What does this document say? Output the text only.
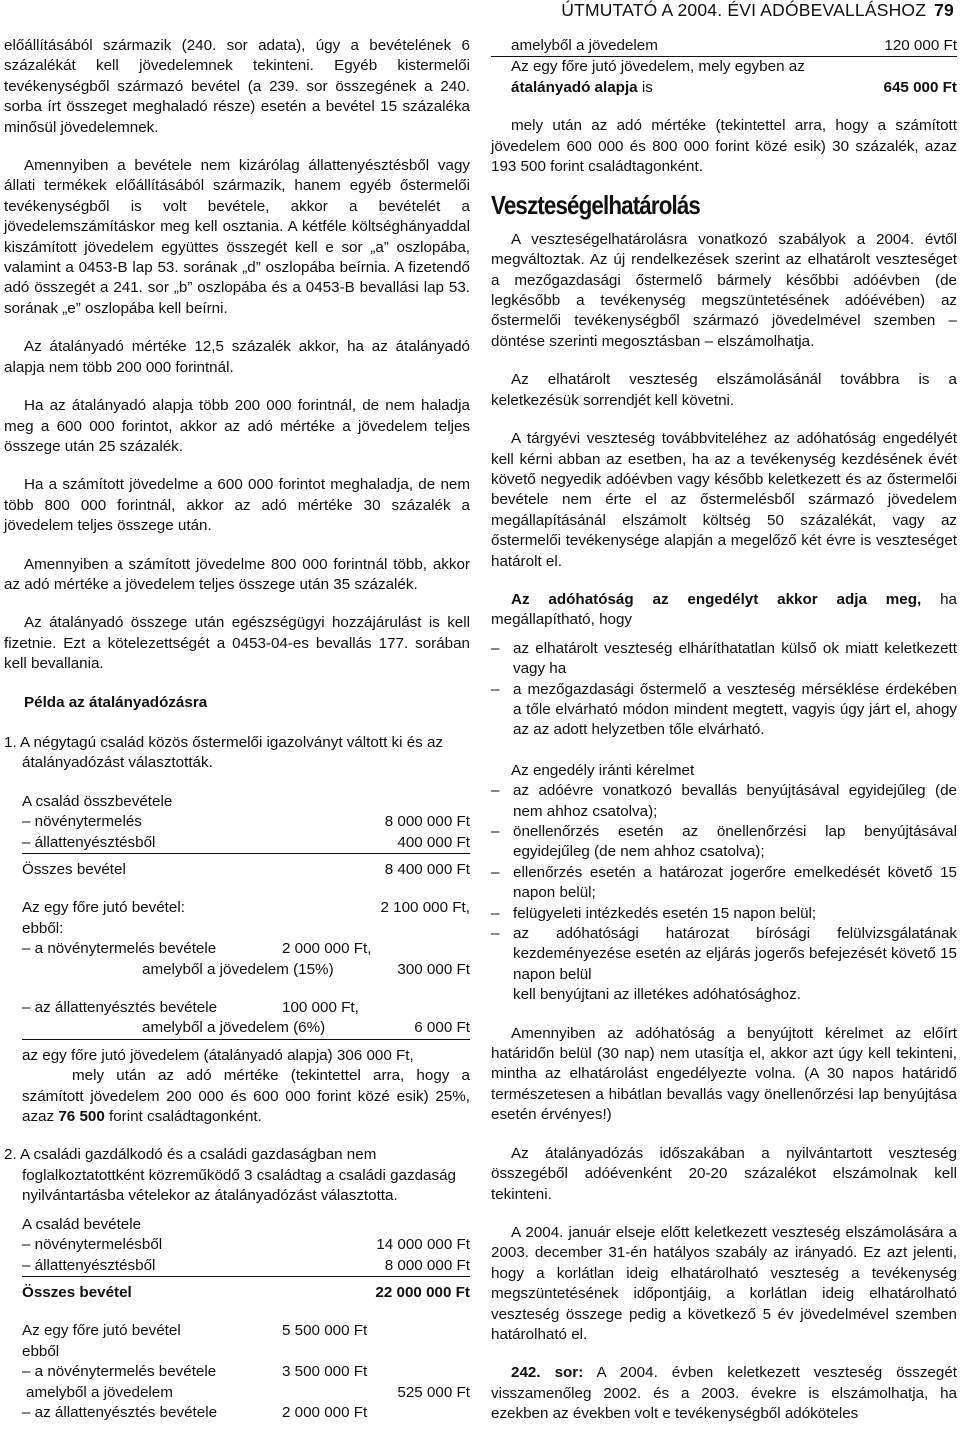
ÚTMUTATÓ A 2004. ÉVI ADÓBEVALLÁSHOZ 79

előállításából származik (240. sor adata), úgy a bevételének 6 százalékát kell jövedelemnek tekinteni. Egyéb kistermelői tevékenységből származó bevétel (a 239. sor összegének a 240. sorba írt összeget meghaladó része) esetén a bevétel 15 százaléka minősül jövedelemnek.

Amennyiben a bevétele nem kizárólag állattenyésztésből vagy állati termékek előállításából származik, hanem egyéb őstermelői tevékenységből is volt bevétele, akkor a bevételét a jövedelemszámításkor meg kell osztania. A kétféle költséghányaddal kiszámított jövedelem együttes összegét kell e sor „a” oszlopába, valamint a 0453-B lap 53. sorának „d” oszlopába beírnia. A fizetendő adó összegét a 241. sor „b” oszlopába és a 0453-B bevallási lap 53. sorának „e” oszlopába kell beírni.

Az átalányadó mértéke 12,5 százalék akkor, ha az átalányadó alapja nem több 200 000 forintnál.

Ha az átalányadó alapja több 200 000 forintnál, de nem haladja meg a 600 000 forintot, akkor az adó mértéke a jövedelem teljes összege után 25 százalék.

Ha a számított jövedelme a 600 000 forintot meghaladja, de nem több 800 000 forintnál, akkor az adó mértéke 30 százalék a jövedelem teljes összege után.

Amennyiben a számított jövedelme 800 000 forintnál több, akkor az adó mértéke a jövedelem teljes összege után 35 százalék.

Az átalányadó összege után egészségügyi hozzájárulást is kell fizetnie. Ezt a kötelezettségét a 0453-04-es bevallás 177. sorában kell bevallania.

Példa az átalányadózásra

1. A négytagú család közös őstermelői igazolványt váltott ki és az átalányadózást választották.

A család összbevétele
– növénytermelés	8 000 000 Ft
– állattenyésztésből	400 000 Ft
Összes bevétel	8 400 000 Ft
Az egy főre jutó bevétel:	2 100 000 Ft,
ebből:
– a növénytermelés bevétele	2 000 000 Ft,
amelyből a jövedelem (15%)	300 000 Ft
– az állattenyésztés bevétele	100 000 Ft,
amelyből a jövedelem (6%)	6 000 Ft
az egy főre jutó jövedelem (átalányadó alapja) 306 000 Ft,
mely után az adó mértéke (tekintettel arra, hogy a számított jövedelem 200 000 és 600 000 forint közé esik) 25%, azaz 76 500 forint családtagonként.

2. A családi gazdálkodó és a családi gazdaságban nem foglalkoztatottként közreműködő 3 családtag a családi gazdaság nyilvántartásba vételekor az átalányadózást választotta.

A család bevétele
– növénytermelésből	14 000 000 Ft
– állattenyésztésből	8 000 000 Ft
Összes bevétel	22 000 000 Ft
Az egy főre jutó bevétel	5 500 000 Ft
ebből
– a növénytermelés bevétele	3 500 000 Ft
amelyből a jövedelem	525 000 Ft
– az állattenyésztés bevétele	2 000 000 Ft
amelyből a jövedelem	120 000 Ft
Az egy főre jutó jövedelem, mely egyben az
átalányadó alapja is	645 000 Ft

mely után az adó mértéke (tekintettel arra, hogy a számított jövedelem 600 000 és 800 000 forint közé esik) 30 százalék, azaz 193 500 forint családtagonként.

Veszteségelhatárolás

A veszteségelhatárolásra vonatkozó szabályok a 2004. évtől megváltoztak. Az új rendelkezések szerint az elhatárolt veszteséget a mezőgazdasági őstermelő bármely későbbi adóévben (de legkésőbb a tevékenység megszüntetésének adóévében) az őstermelői tevékenységből származó jövedelmével szemben – döntése szerinti megosztásban – elszámolhatja.

Az elhatárolt veszteség elszámolásánál továbbra is a keletkezésük sorrendjét kell követni.

A tárgyévi veszteség továbbviteléhez az adóhatóság engedélyét kell kérni abban az esetben, ha az a tevékenység kezdésének évét követő negyedik adóévben vagy később keletkezett és az őstermelői bevétele nem érte el az őstermelésből származó jövedelem megállapításánál elszámolt költség 50 százalékát, vagy az őstermelői tevékenysége alapján a megelőző két évre is veszteséget határolt el.

Az adóhatóság az engedélyt akkor adja meg, ha megállapítható, hogy

– az elhatárolt veszteség elháríthatatlan külső ok miatt keletkezett vagy ha
– a mezőgazdasági őstermelő a veszteség mérséklése érdekében a tőle elvárható módon mindent megtett, vagyis úgy járt el, ahogy az az adott helyzetben tőle elvárható.
Az engedély iránti kérelmet
– az adóévre vonatkozó bevallás benyújtásával egyidejűleg (de nem ahhoz csatolva);
– önellenőrzés esetén az önellenőrzési lap benyújtásával egyidejűleg (de nem ahhoz csatolva);
– ellenőrzés esetén a határozat jogerőre emelkedését követő 15 napon belül;
– felügyeleti intézkedés esetén 15 napon belül;
– az adóhatósági határozat bírósági felülvizsgálatának kezdeményezése esetén az eljárás jogerős befejezését követő 15 napon belül

kell benyújtani az illetékes adóhatósághoz.

Amennyiben az adóhatóság a benyújtott kérelmet az előírt határidőn belül (30 nap) nem utasítja el, akkor azt úgy kell tekinteni, mintha az elhatárolást engedélyezte volna. (A 30 napos határidő természetesen a hibátlan bevallás vagy önellenőrzési lap benyújtása esetén érvényes!)

Az átalányadózás időszakában a nyilvántartott veszteség összegéből adóévenként 20-20 százalékot elszámolnak kell tekinteni.

A 2004. január elseje előtt keletkezett veszteség elszámolására a 2003. december 31-én hatályos szabály az irányadó. Ez azt jelenti, hogy a korlátlan ideig elhatárolható veszteség a tevékenység megszüntetésének időpontjáig, a korlátlan ideig elhatárolható veszteség összege pedig a következő 5 év jövedelmével szemben határolható el.

242. sor: A 2004. évben keletkezett veszteség összegét visszamenőleg 2002. és a 2003. évekre is elszámolhatja, ha ezekben az években volt e tevékenységből adóköteles
